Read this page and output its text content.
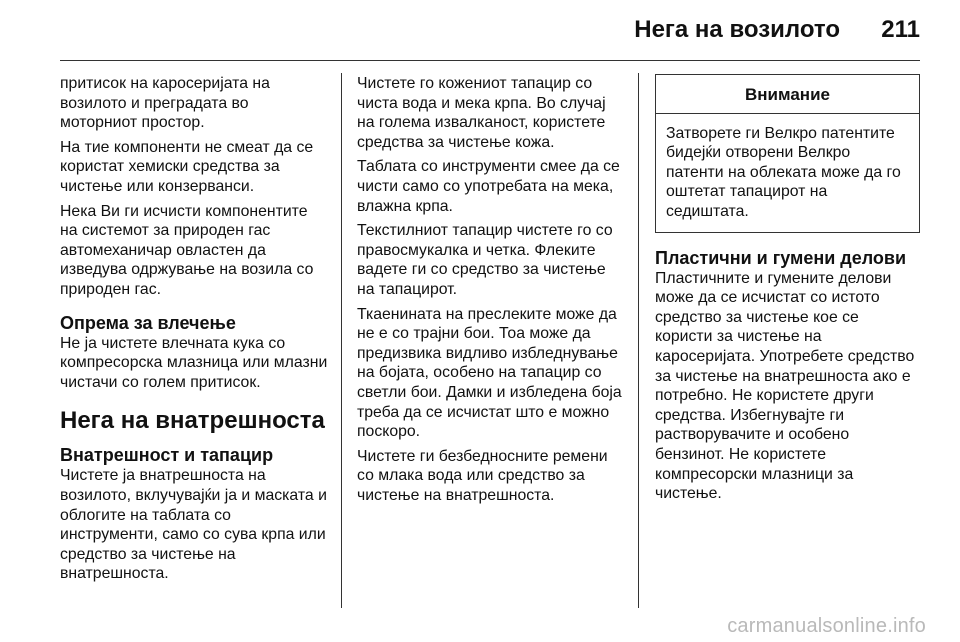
Нега на возилото 211

притисок на каросеријата на возилото и преградата во моторниот простор.

На тие компоненти не смеат да се користат хемиски средства за чистење или конзерванси.

Нека Ви ги исчисти компонентите на системот за природен гас автомеханичар овластен да изведува одржување на возила со природен гас.

Опрема за влечење

Не ја чистете влечната кука со компресорска млазница или млазни чистачи со голем притисок.

Нега на внатрешноста
Внатрешност и тапацир

Чистете ја внатрешноста на возилото, вклучувајќи ја и маската и облогите на таблата со инструменти, само со сува крпа или средство за чистење на внатрешноста.

Чистете го кожениот тапацир со чиста вода и мека крпа. Во случај на голема извалканост, користете средства за чистење кожа.

Таблата со инструменти смее да се чисти само со употребата на мека, влажна крпа.

Текстилниот тапацир чистете го со правосмукалка и четка. Флеките вадете ги со средство за чистење на тапацирот.

Ткаенината на преслеките може да не е со трајни бои. Тоа може да предизвика видливо избледнување на бојата, особено на тапацир со светли бои. Дамки и избледена боја треба да се исчистат што е можно поскоро.

Чистете ги безбедносните ремени со млака вода или средство за чистење на внатрешноста.

Внимание
Затворете ги Велкро патентите бидејќи отворени Велкро патенти на облеката може да го оштетат тапацирот на седиштата.
Пластични и гумени делови

Пластичните и гумените делови може да се исчистат со истото средство за чистење кое се користи за чистење на каросеријата. Употребете средство за чистење на внатрешноста ако е потребно. Не користете други средства. Избегнувајте ги растворувачите и особено бензинот. Не користете компресорски млазници за чистење.

carmanualsonline.info
